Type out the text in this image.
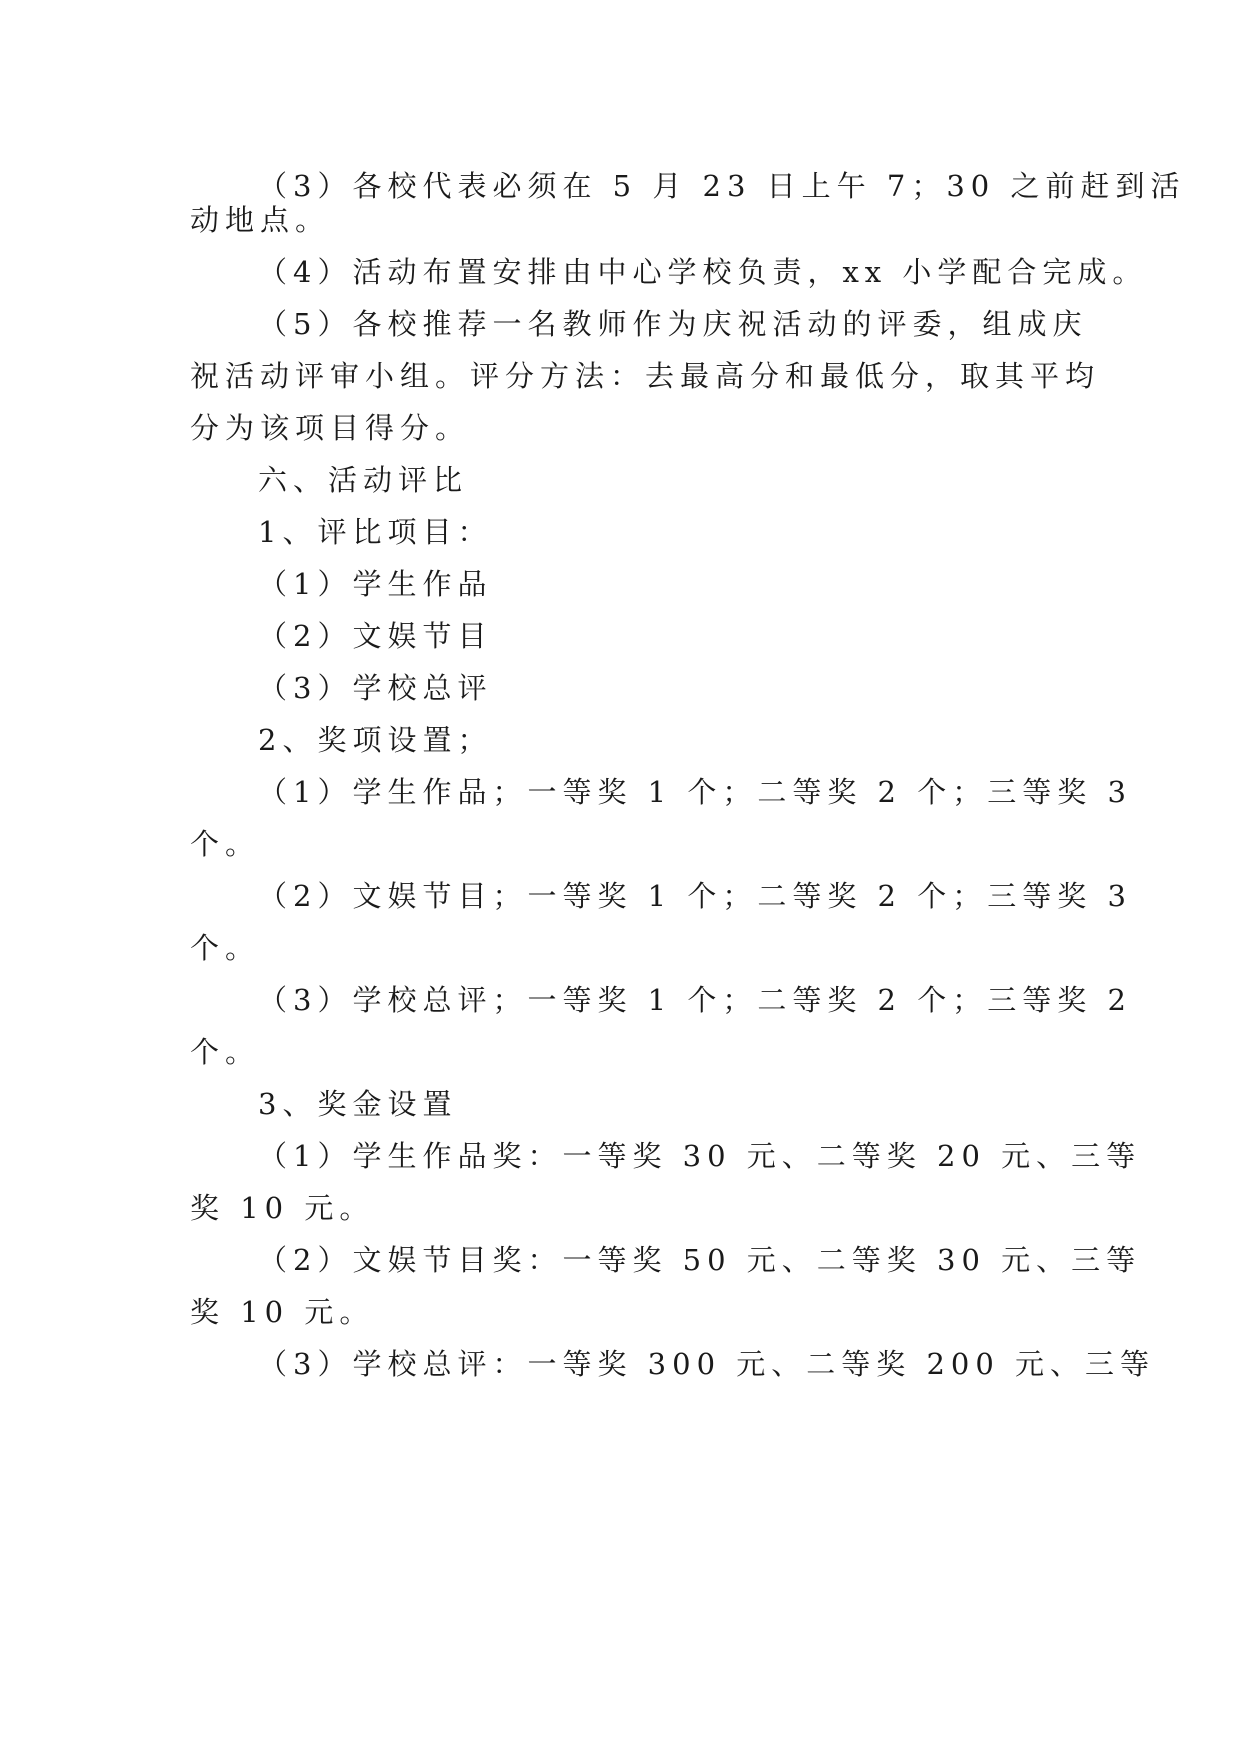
（3）各校代表必须在 5 月 23 日上午 7；30 之前赶到活
动地点。
（4）活动布置安排由中心学校负责，xx 小学配合完成。
（5）各校推荐一名教师作为庆祝活动的评委，组成庆
祝活动评审小组。评分方法：去最高分和最低分，取其平均
分为该项目得分。
六、活动评比
1、评比项目：
（1）学生作品
（2）文娱节目
（3）学校总评
2、奖项设置；
（1）学生作品；一等奖 1 个；二等奖 2 个；三等奖 3
个。
（2）文娱节目；一等奖 1 个；二等奖 2 个；三等奖 3
个。
（3）学校总评；一等奖 1 个；二等奖 2 个；三等奖 2
个。
3、奖金设置
（1）学生作品奖：一等奖 30 元、二等奖 20 元、三等
奖 10 元。
（2）文娱节目奖：一等奖 50 元、二等奖 30 元、三等
奖 10 元。
（3）学校总评：一等奖 300 元、二等奖 200 元、三等
